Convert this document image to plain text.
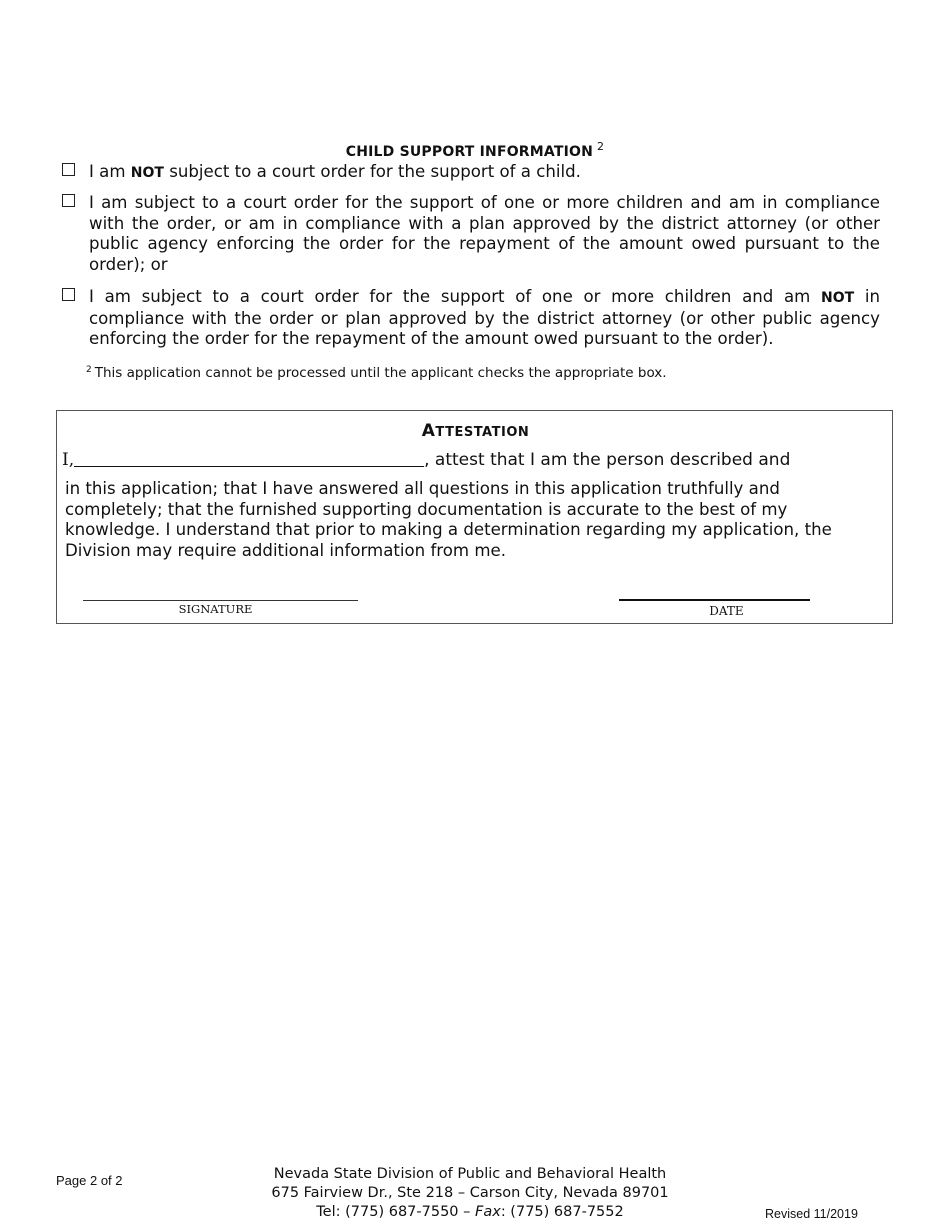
CHILD SUPPORT INFORMATION $^2$
I am NOT subject to a court order for the support of a child.
I am subject to a court order for the support of one or more children and am in compliance with the order, or am in compliance with a plan approved by the district attorney (or other public agency enforcing the order for the repayment of the amount owed pursuant to the order); or
I am subject to a court order for the support of one or more children and am NOT in compliance with the order or plan approved by the district attorney (or other public agency enforcing the order for the repayment of the amount owed pursuant to the order).
$^2$ This application cannot be processed until the applicant checks the appropriate box.
ATTESTATION
I,	, attest that I am the person described and
in this application; that I have answered all questions in this application truthfully and completely; that the furnished supporting documentation is accurate to the best of my knowledge. I understand that prior to making a determination regarding my application, the Division may require additional information from me.
SIGNATURE	DATE
Page 2 of 2	Nevada State Division of Public and Behavioral Health
675 Fairview Dr., Ste 218 – Carson City, Nevada 89701
Tel: (775) 687-7550 – Fax: (775) 687-7552	Revised 11/2019
